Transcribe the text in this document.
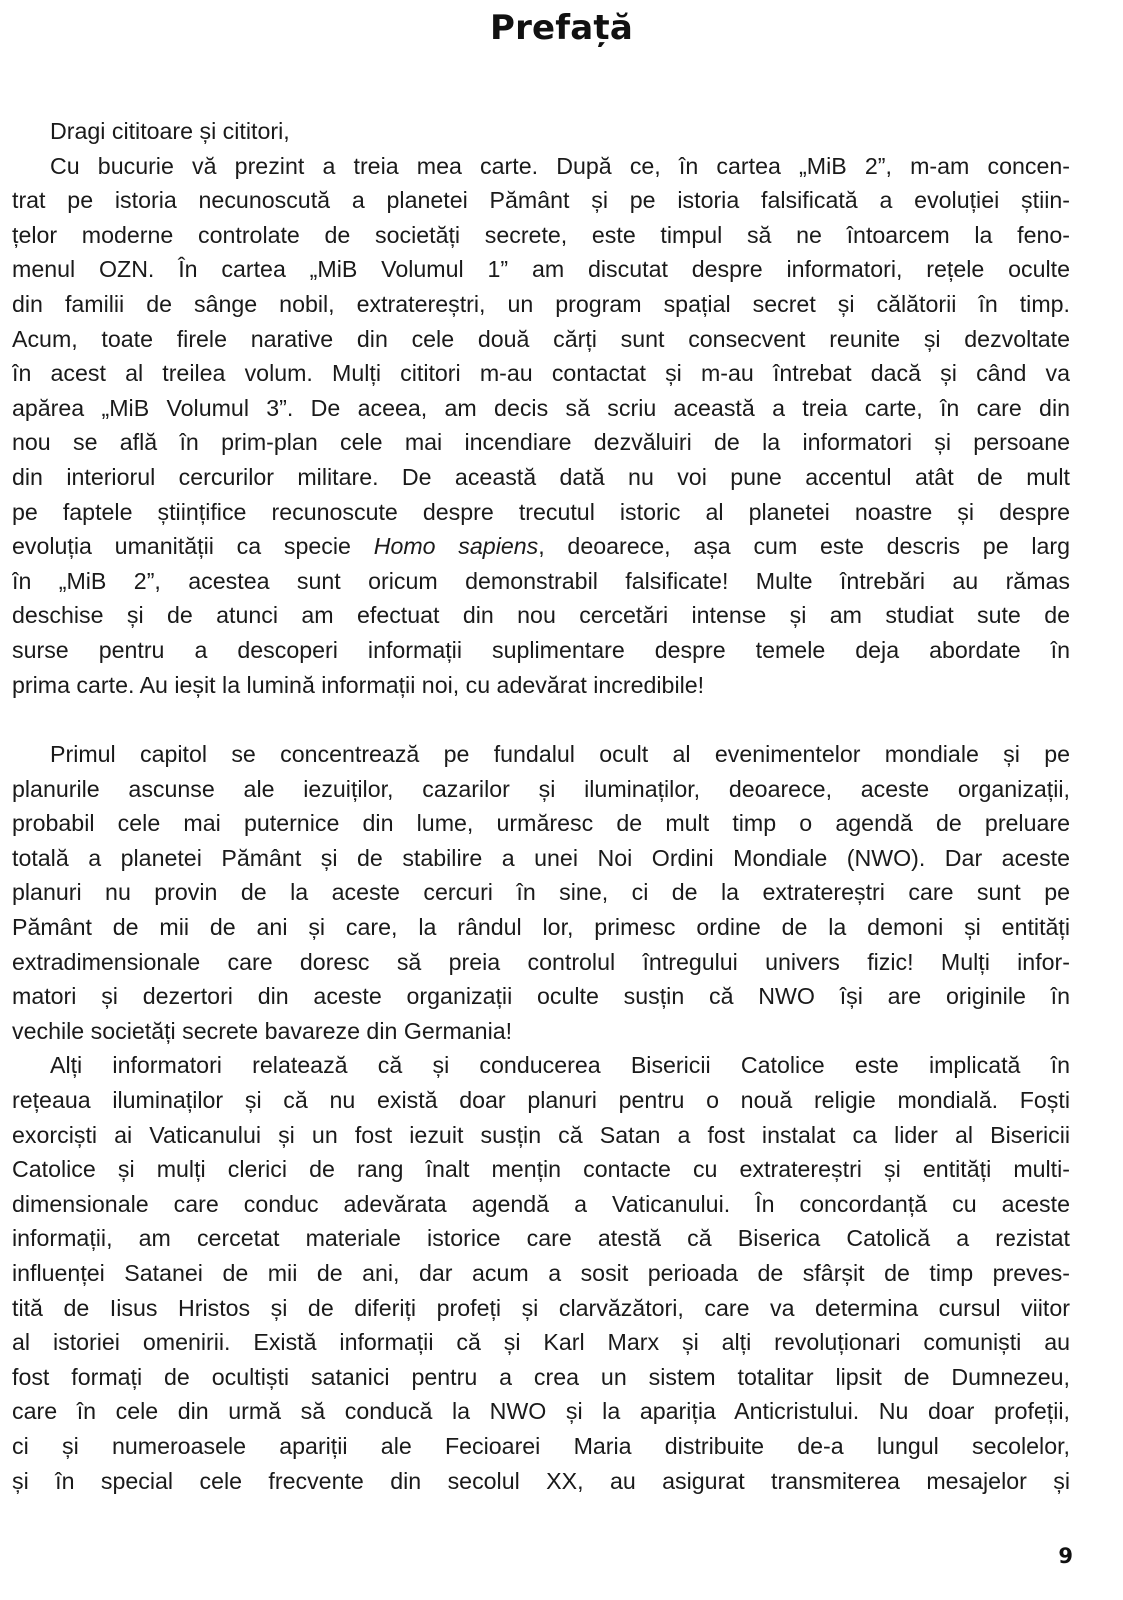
Prefață
Dragi cititoare și cititori,
Cu bucurie vă prezint a treia mea carte. După ce, în cartea „MiB 2”, m-am concen-
trat pe istoria necunoscută a planetei Pământ și pe istoria falsificată a evoluției știin-
țelor moderne controlate de societăți secrete, este timpul să ne întoarcem la feno-
menul OZN. În cartea „MiB Volumul 1” am discutat despre informatori, rețele oculte
din familii de sânge nobil, extratereștri, un program spațial secret și călătorii în timp.
Acum, toate firele narative din cele două cărți sunt consecvent reunite și dezvoltate
în acest al treilea volum. Mulți cititori m-au contactat și m-au întrebat dacă și când va
apărea „MiB Volumul 3”. De aceea, am decis să scriu această a treia carte, în care din
nou se află în prim-plan cele mai incendiare dezvăluiri de la informatori și persoane
din interiorul cercurilor militare. De această dată nu voi pune accentul atât de mult
pe faptele științifice recunoscute despre trecutul istoric al planetei noastre și despre
evoluția umanității ca specie Homo sapiens, deoarece, așa cum este descris pe larg
în „MiB 2”, acestea sunt oricum demonstrabil falsificate! Multe întrebări au rămas
deschise și de atunci am efectuat din nou cercetări intense și am studiat sute de
surse pentru a descoperi informații suplimentare despre temele deja abordate în
prima carte. Au ieșit la lumină informații noi, cu adevărat incredibile!
Primul capitol se concentrează pe fundalul ocult al evenimentelor mondiale și pe
planurile ascunse ale iezuiților, cazarilor și iluminaților, deoarece, aceste organizații,
probabil cele mai puternice din lume, urmăresc de mult timp o agendă de preluare
totală a planetei Pământ și de stabilire a unei Noi Ordini Mondiale (NWO). Dar aceste
planuri nu provin de la aceste cercuri în sine, ci de la extratereștri care sunt pe
Pământ de mii de ani și care, la rândul lor, primesc ordine de la demoni și entități
extradimensionale care doresc să preia controlul întregului univers fizic! Mulți infor-
matori și dezertori din aceste organizații oculte susțin că NWO își are originile în
vechile societăți secrete bavareze din Germania!
Alți informatori relatează că și conducerea Bisericii Catolice este implicată în
rețeaua iluminaților și că nu există doar planuri pentru o nouă religie mondială. Foști
exorciști ai Vaticanului și un fost iezuit susțin că Satan a fost instalat ca lider al Bisericii
Catolice și mulți clerici de rang înalt mențin contacte cu extratereștri și entități multi-
dimensionale care conduc adevărata agendă a Vaticanului. În concordanță cu aceste
informații, am cercetat materiale istorice care atestă că Biserica Catolică a rezistat
influenței Satanei de mii de ani, dar acum a sosit perioada de sfârșit de timp preves-
tită de Iisus Hristos și de diferiți profeți și clarvăzători, care va determina cursul viitor
al istoriei omenirii. Există informații că și Karl Marx și alți revoluționari comuniști au
fost formați de ocultiști satanici pentru a crea un sistem totalitar lipsit de Dumnezeu,
care în cele din urmă să conducă la NWO și la apariția Anticristului. Nu doar profeții,
ci și numeroasele apariții ale Fecioarei Maria distribuite de-a lungul secolelor,
și în special cele frecvente din secolul XX, au asigurat transmiterea mesajelor și
9
